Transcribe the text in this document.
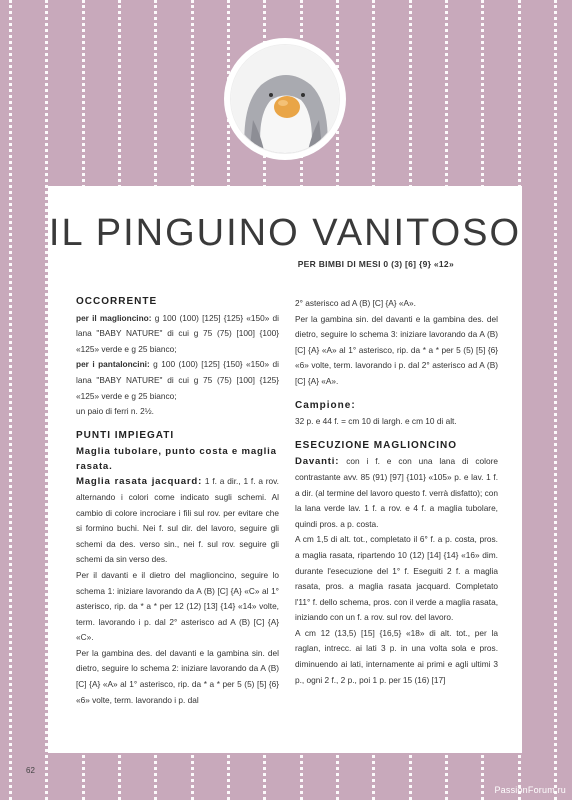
IL PINGUINO VANITOSO
PER BIMBI DI MESI 0 (3) [6] {9} «12»
OCCORRENTE
per il maglioncino: g 100 (100) [125] {125} «150» di lana "BABY NATURE" di cui g 75 (75) [100] {100} «125» verde e g 25 bianco;
per i pantaloncini: g 100 (100) [125] {150} «150» di lana "BABY NATURE" di cui g 75 (75) [100] {125} «125» verde e g 25 bianco;
un paio di ferri n. 2½.
PUNTI IMPIEGATI
Maglia tubolare, punto costa e maglia rasata.
Maglia rasata jacquard: 1 f. a dir., 1 f. a rov. alternando i colori come indicato sugli schemi. Al cambio di colore incrociare i fili sul rov. per evitare che si formino buchi. Nei f. sul dir. del lavoro, seguire gli schemi da des. verso sin., nei f. sul rov. seguire gli schemi da sin verso des.
Per il davanti e il dietro del maglioncino, seguire lo schema 1: iniziare lavorando da A (B) [C] {A} «C» al 1° asterisco, rip. da * a * per 12 (12) [13] {14} «14» volte, term. lavorando i p. dal 2° asterisco ad A (B) [C] {A} «C».
Per la gambina des. del davanti e la gambina sin. del dietro, seguire lo schema 2: iniziare lavorando da A (B) [C] {A} «A» al 1° asterisco, rip. da * a * per 5 (5) [5] {6} «6» volte, term. lavorando i p. dal
2° asterisco ad A (B) [C] {A} «A».
Per la gambina sin. del davanti e la gambina des. del dietro, seguire lo schema 3: iniziare lavorando da A (B) [C] {A} «A» al 1° asterisco, rip. da * a * per 5 (5) [5] {6} «6» volte, term. lavorando i p. dal 2° asterisco ad A (B) [C] {A} «A».
Campione:
32 p. e 44 f. = cm 10 di largh. e cm 10 di alt.
ESECUZIONE MAGLIONCINO
Davanti: con i f. e con una lana di colore contrastante avv. 85 (91) [97] {101} «105» p. e lav. 1 f. a dir. (al termine del lavoro questo f. verrà disfatto); con la lana verde lav. 1 f. a rov. e 4 f. a maglia tubolare, quindi pros. a p. costa.
A cm 1,5 di alt. tot., completato il 6° f. a p. costa, pros. a maglia rasata, ripartendo 10 (12) [14] {14} «16» dim. durante l'esecuzione del 1° f. Eseguiti 2 f. a maglia rasata, pros. a maglia rasata jacquard. Completato l'11° f. dello schema, pros. con il verde a maglia rasata, iniziando con un f. a rov. sul rov. del lavoro.
A cm 12 (13,5) [15] {16,5} «18» di alt. tot., per la raglan, intrecc. ai lati 3 p. in una volta sola e pros. diminuendo ai lati, internamente ai primi e agli ultimi 3 p., ogni 2 f., 2 p., poi 1 p. per 15 (16) [17]
62
PassionForum.ru
